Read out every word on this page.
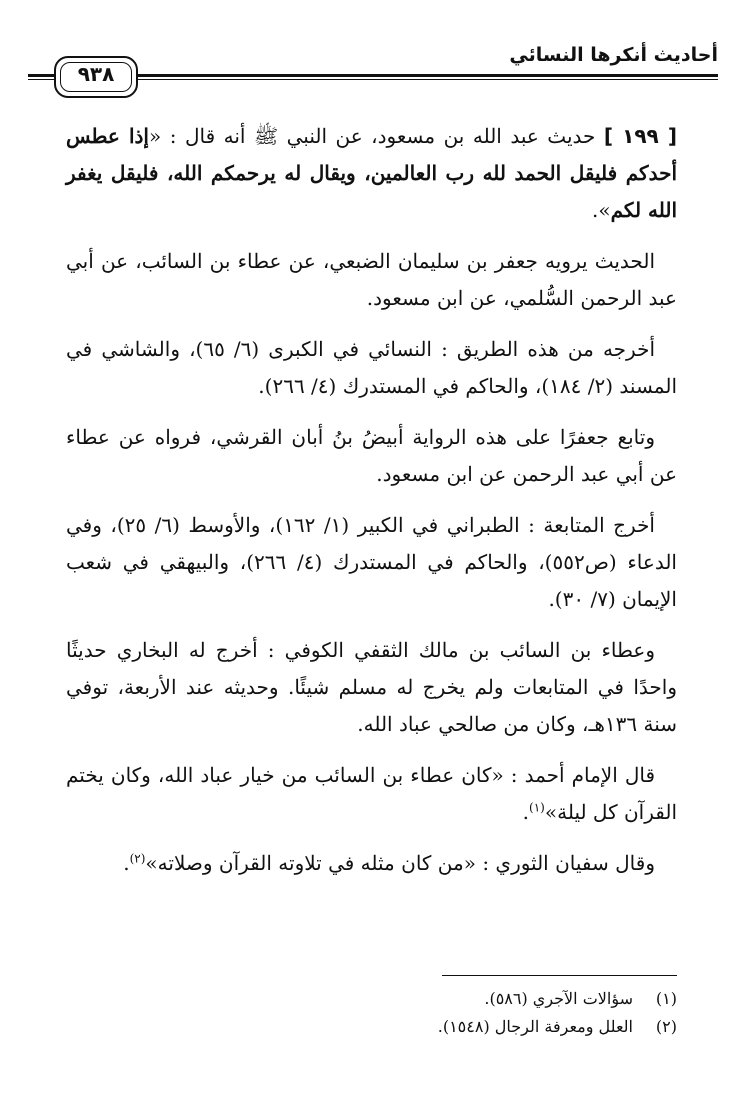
أحاديث أنكرها النسائي
٩٣٨

[ ١٩٩ ] حديث عبد الله بن مسعود، عن النبي ﷺ أنه قال : «إذا عطس أحدكم فليقل الحمد لله رب العالمين، ويقال له يرحمكم الله، فليقل يغفر الله لكم».

الحديث يرويه جعفر بن سليمان الضبعي، عن عطاء بن السائب، عن أبي عبد الرحمن السُّلمي، عن ابن مسعود.

أخرجه من هذه الطريق : النسائي في الكبرى (٦/ ٦٥)، والشاشي في المسند (٢/ ١٨٤)، والحاكم في المستدرك (٤/ ٢٦٦).

وتابع جعفرًا على هذه الرواية أبيضُ بنُ أبان القرشي، فرواه عن عطاء عن أبي عبد الرحمن عن ابن مسعود.

أخرج المتابعة : الطبراني في الكبير (١/ ١٦٢)، والأوسط (٦/ ٢٥)، وفي الدعاء (ص٥٥٢)، والحاكم في المستدرك (٤/ ٢٦٦)، والبيهقي في شعب الإيمان (٧/ ٣٠).

وعطاء بن السائب بن مالك الثقفي الكوفي : أخرج له البخاري حديثًا واحدًا في المتابعات ولم يخرج له مسلم شيئًا. وحديثه عند الأربعة، توفي سنة ١٣٦هـ، وكان من صالحي عباد الله.

قال الإمام أحمد : «كان عطاء بن السائب من خيار عباد الله، وكان يختم القرآن كل ليلة»$^{(١)}$.

وقال سفيان الثوري : «من كان مثله في تلاوته القرآن وصلاته»$^{(٢)}$.

(١)سؤالات الآجري (٥٨٦).

(٢)العلل ومعرفة الرجال (١٥٤٨).
